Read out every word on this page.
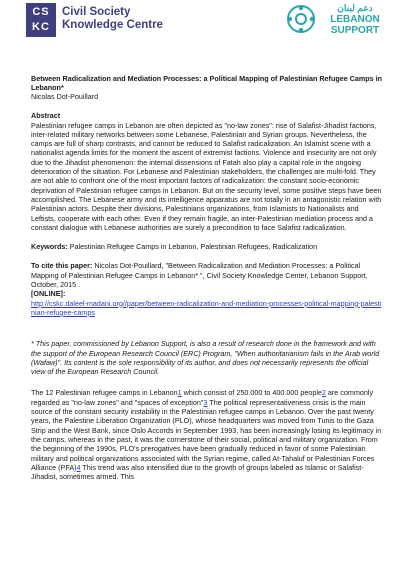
CS
KC
Civil Society
Knowledge Centre
دعم لبنان
LEBANON
SUPPORT

Between Radicalization and Mediation Processes: a Political Mapping of Palestinian Refugee Camps in Lebanon*

Nicolas Dot-Pouillard

Abstract

Palestinian refugee camps in Lebanon are often depicted as "no-law zones": rise of Salafist-Jihadist factions, inter-related military networks between some Lebanese, Palestinian and Syrian groups. Nevertheless, the camps are full of sharp contrasts, and cannot be reduced to Salafist radicalization. An Islamist scene with a nationalist agenda limits for the moment the ascent of extremist factions. Violence and insecurity are not only due to the Jihadist phenomenon: the internal dissensions of Fatah also play a capital role in the ongoing deterioration of the situation. For Lebanese and Palestinian stakeholders, the challenges are multi-fold. They are not able to confront one of the most important factors of radicalization: the constant socio-economic deprivation of Palestinian refugee camps in Lebanon. But on the security level, some positive steps have been accomplished. The Lebanese army and its intelligence apparatus are not totally in an antagonistic relation with Palestinian actors. Despite their divisions, Palestinians organizations, from Islamists to Nationalists and Leftists, cooperate with each other. Even if they remain fragile, an inter-Palestinian mediation process and a constant dialogue with Lebanese authorities are surely a precondition to face Salafist radicalization.

Keywords: Palestinian Refugee Camps in Lebanon, Palestinian Refugees, Radicalization

To cite this paper: Nicolas Dot-Pouillard, "Between Radicalization and Mediation Processes: a Political Mapping of Palestinian Refugee Camps in Lebanon* ", Civil Society Knowledge Center, Lebanon Support, October, 2015 .

[ONLINE]:

http://cskc.daleel-madani.org//paper/between-radicalization-and-mediation-processes-political-mapping-palestinian-refugee-camps

* This paper, commissioned by Lebanon Support, is also a result of research done in the framework and with the support of the European Research Council (ERC) Program, "When authoritarianism fails in the Arab world (Wafaw)". Its content is the sole responsibility of its author, and does not necessarily represents the official view of the European Research Council.

The 12 Palestinian refugee camps in Lebanon1 which consist of 250.000 to 400.000 people2 are commonly regarded as "no-law zones" and "spaces of exception"3 The political representativeness crisis is the main source of the constant security instability in the Palestinian refugee camps in Lebanon. Over the past twenty years, the Palestine Liberation Organization (PLO), whose headquarters was moved from Tunis to the Gaza Strip and the West Bank, since Oslo Accords in September 1993, has been increasingly losing its legitimacy in the camps, whereas in the past, it was the cornerstone of their social, political and military organization. From the beginning of the 1990s, PLO's prerogatives have been gradually reduced in favor of some Palestinian military and political organizations associated with the Syrian regime, called At-Tahaluf or Palestinian Forces Alliance (PFA)4 This trend was also intensified due to the growth of groups labeled as Islamic or Salafist-Jihadist, sometimes armed. This
